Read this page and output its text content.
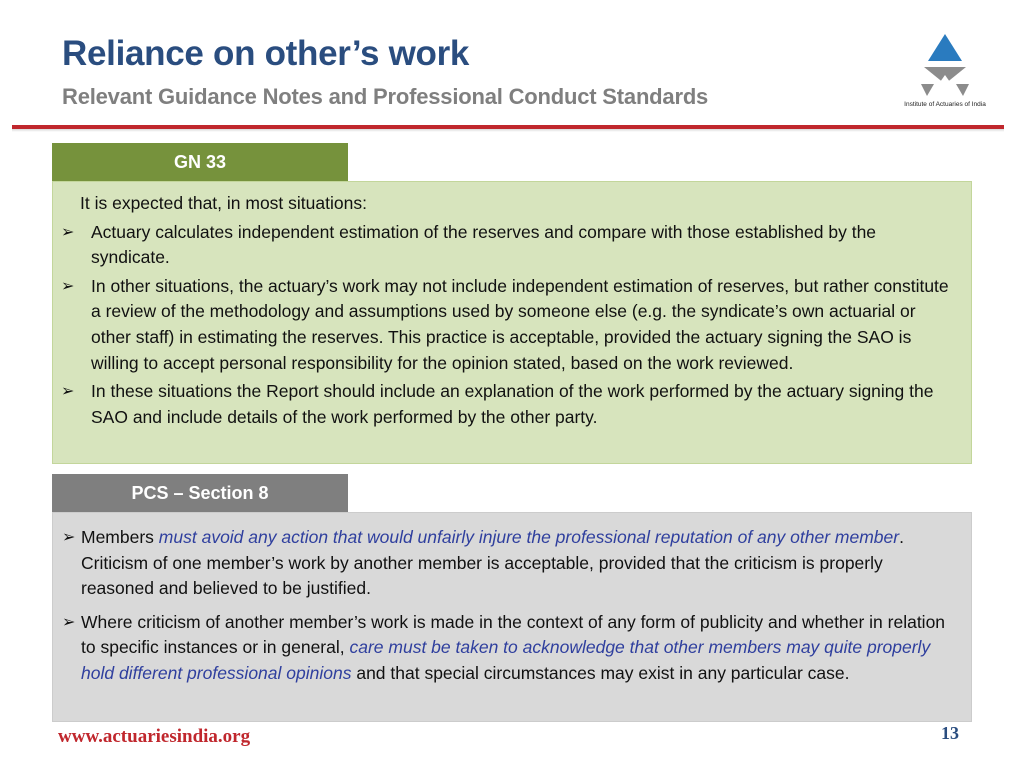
Reliance on other’s work
Relevant Guidance Notes and Professional Conduct Standards	Institute of Actuaries of India
GN 33
It is expected that, in most situations:
➢ Actuary calculates independent estimation of the reserves and compare with those established by the syndicate.
➢ In other situations, the actuary’s work may not include independent estimation of reserves, but rather constitute a review of the methodology and assumptions used by someone else (e.g. the syndicate’s own actuarial or other staff) in estimating the reserves. This practice is acceptable, provided the actuary signing the SAO is willing to accept personal responsibility for the opinion stated, based on the work reviewed.
➢ In these situations the Report should include an explanation of the work performed by the actuary signing the SAO and include details of the work performed by the other party.
PCS – Section 8
➢ Members must avoid any action that would unfairly injure the professional reputation of any other member. Criticism of one member’s work by another member is acceptable, provided that the criticism is properly reasoned and believed to be justified.
➢ Where criticism of another member’s work is made in the context of any form of publicity and whether in relation to specific instances or in general, care must be taken to acknowledge that other members may quite properly hold different professional opinions and that special circumstances may exist in any particular case.
www.actuariesindia.org	13
